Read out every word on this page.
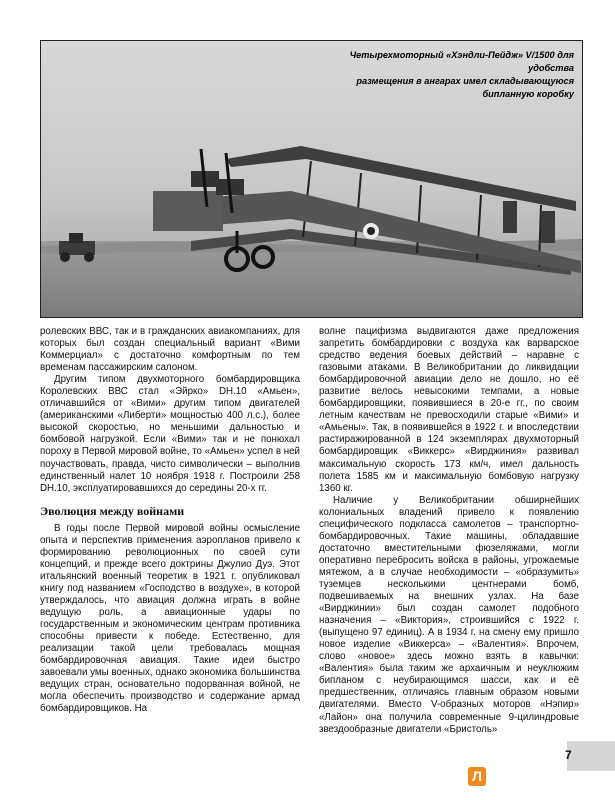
Четырехмоторный «Хэндли-Пейдж» V/1500 для удобства
размещения в ангарах имел складывающуюся бипланную коробку

ролевских ВВС, так и в гражданских авиакомпаниях, для которых был создан специальный вариант «Вими Коммерциал» с достаточно комфортным по тем временам пассажирским салоном.

Другим типом двухмоторного бомбардировщика Королевских ВВС стал «Эйрко» DH.10 «Амьен», отличавшийся от «Вими» другим типом двигателей (американскими «Либерти» мощностью 400 л.с.), более высокой скоростью, но меньшими дальностью и бомбовой нагрузкой. Если «Вими» так и не понюхал пороху в Первой мировой войне, то «Амьен» успел в ней поучаствовать, правда, чисто символически – выполнив единственный налет 10 ноября 1918 г. Построили 258 DH.10, эксплуатировавшихся до середины 20-х гг.

Эволюция между войнами

В годы после Первой мировой войны осмысление опыта и перспектив применения аэропланов привело к формированию революционных по своей сути концепций, и прежде всего доктрины Джулио Дуэ. Этот итальянский военный теоретик в 1921 г. опубликовал книгу под названием «Господство в воздухе», в которой утверждалось, что авиация должна играть в войне ведущую роль, а авиационные удары по государственным и экономическим центрам противника способны привести к победе. Естественно, для реализации такой цели требовалась мощная бомбардировочная авиация. Такие идеи быстро завоевали умы военных, однако экономика большинства ведущих стран, основательно подорванная войной, не могла обеспечить производство и содержание армад бомбардировщиков. На

волне пацифизма выдвигаются даже предложения запретить бомбардировки с воздуха как варварское средство ведения боевых действий – наравне с газовыми атаками. В Великобритании до ликвидации бомбардировочной авиации дело не дошло, но её развитие велось невысокими темпами, а новые бомбардировщики, появившиеся в 20-е гг., по своим летным качествам не превосходили старые «Вими» и «Амьены». Так, в появившейся в 1922 г. и впоследствии растиражированной в 124 экземплярах двухмоторный бомбардировщик «Виккерс» «Вирджиния» развивал максимальную скорость 173 км/ч, имел дальность полета 1585 км и максимальную бомбовую нагрузку 1360 кг.

Наличие у Великобритании обширнейших колониальных владений привело к появлению специфического подкласса самолетов – транспортно-бомбардировочных. Такие машины, обладавшие достаточно вместительными фюзеляжами, могли оперативно перебросить войска в районы, угрожаемые мятежом, а в случае необходимости – «образумить» туземцев несколькими центнерами бомб, подвешиваемых на внешних узлах. На базе «Вирджинии» был создан самолет подобного назначения – «Виктория», строившийся с 1922 г. (выпущено 97 единиц). А в 1934 г. на смену ему пришло новое изделие «Виккерса» – «Валентия». Впрочем, слово «новое» здесь можно взять в кавычки: «Валентия» была таким же архаичным и неуклюжим бипланом с неубирающимся шасси, как и её предшественник, отличаясь главным образом новыми двигателями. Вместо V-образных моторов «Нэпир» «Лайон» она получила современные 9-цилиндровые звездообразные двигатели «Бристоль»

7
Л
